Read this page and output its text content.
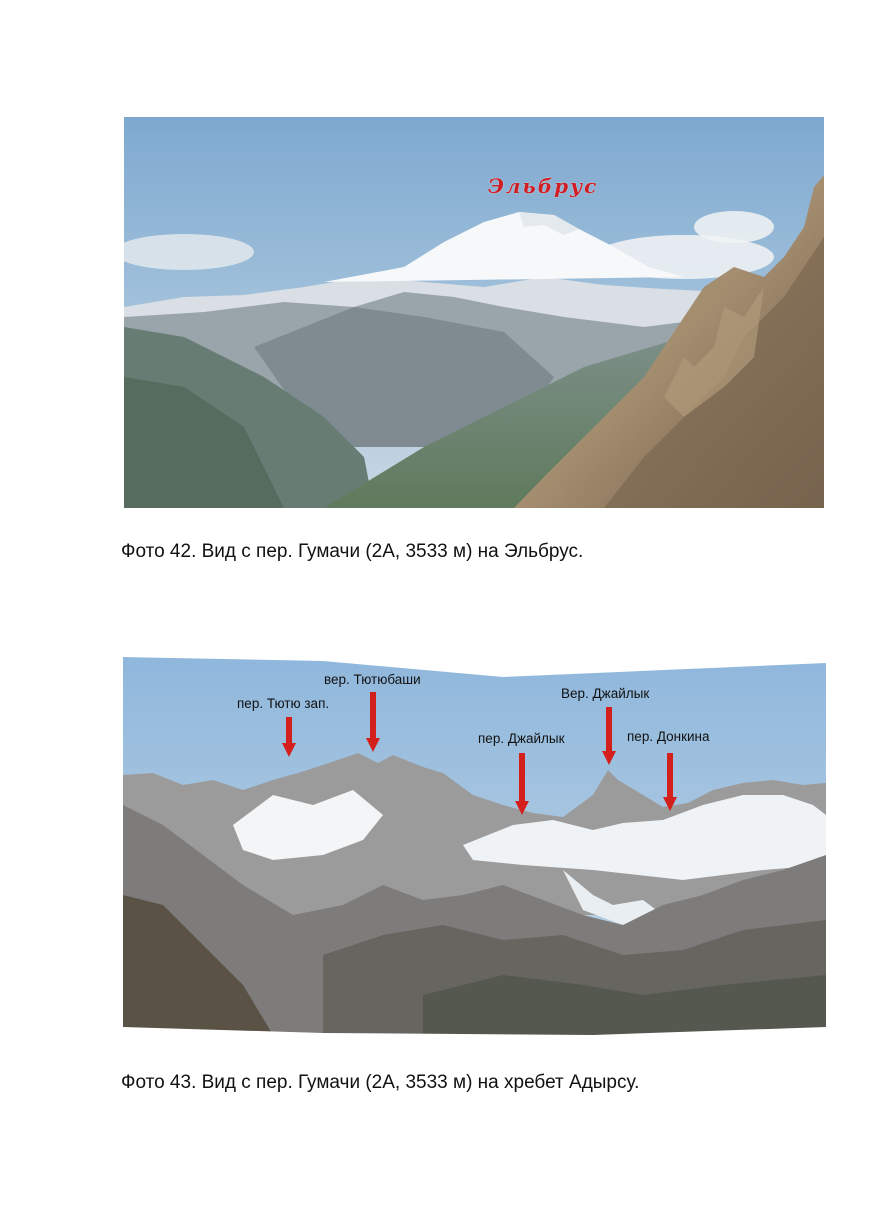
Эльбрус
Фото 42. Вид с пер. Гумачи (2А, 3533 м) на Эльбрус.
пер. Тютю зап.
вер. Тютюбаши
пер. Джайлык
Вер. Джайлык
пер. Донкина
Фото 43. Вид с пер. Гумачи (2А, 3533 м) на хребет Адырсу.
